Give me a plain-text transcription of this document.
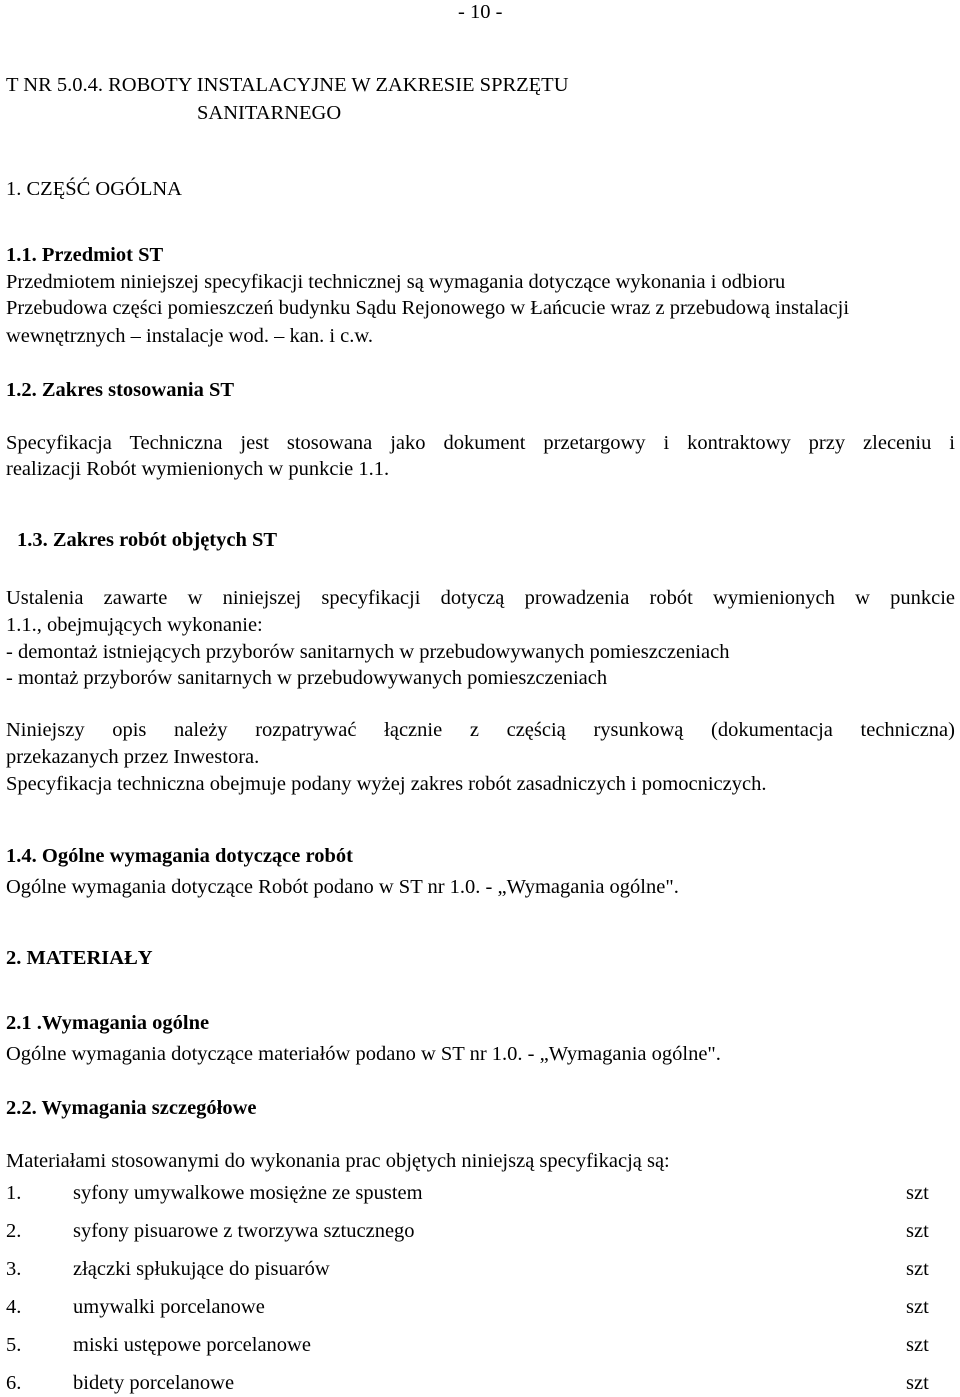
- 10 -
T NR 5.0.4. ROBOTY INSTALACYJNE W ZAKRESIE SPRZĘTU
SANITARNEGO
1. CZĘŚĆ OGÓLNA
1.1. Przedmiot ST
Przedmiotem niniejszej specyfikacji technicznej są wymagania dotyczące wykonania i odbioru
Przebudowa części pomieszczeń budynku Sądu Rejonowego w Łańcucie wraz z przebudową instalacji
wewnętrznych – instalacje wod. – kan. i c.w.
1.2. Zakres stosowania ST
Specyfikacja Techniczna jest stosowana jako dokument przetargowy i kontraktowy przy zleceniu i
realizacji Robót wymienionych w punkcie 1.1.
1.3. Zakres robót objętych ST
Ustalenia zawarte w niniejszej specyfikacji dotyczą prowadzenia robót wymienionych w punkcie
1.1., obejmujących wykonanie:
- demontaż istniejących przyborów sanitarnych w przebudowywanych pomieszczeniach
- montaż przyborów sanitarnych w przebudowywanych pomieszczeniach
Niniejszy opis należy rozpatrywać łącznie z częścią rysunkową (dokumentacja techniczna)
przekazanych przez Inwestora.
Specyfikacja techniczna obejmuje podany wyżej zakres robót zasadniczych i pomocniczych.
1.4. Ogólne wymagania dotyczące robót
Ogólne wymagania dotyczące Robót podano w ST nr 1.0. - „Wymagania ogólne".
2. MATERIAŁY
2.1 .Wymagania ogólne
Ogólne wymagania dotyczące materiałów podano w ST nr 1.0. - „Wymagania ogólne".
2.2. Wymagania szczegółowe
Materiałami stosowanymi do wykonania prac objętych niniejszą specyfikacją są:
1.	syfony umywalkowe mosiężne ze spustem	szt
2.	syfony pisuarowe z tworzywa sztucznego	szt
3.	złączki spłukujące do pisuarów	szt
4.	umywalki porcelanowe	szt
5.	miski ustępowe porcelanowe	szt
6.	bidety porcelanowe	szt
